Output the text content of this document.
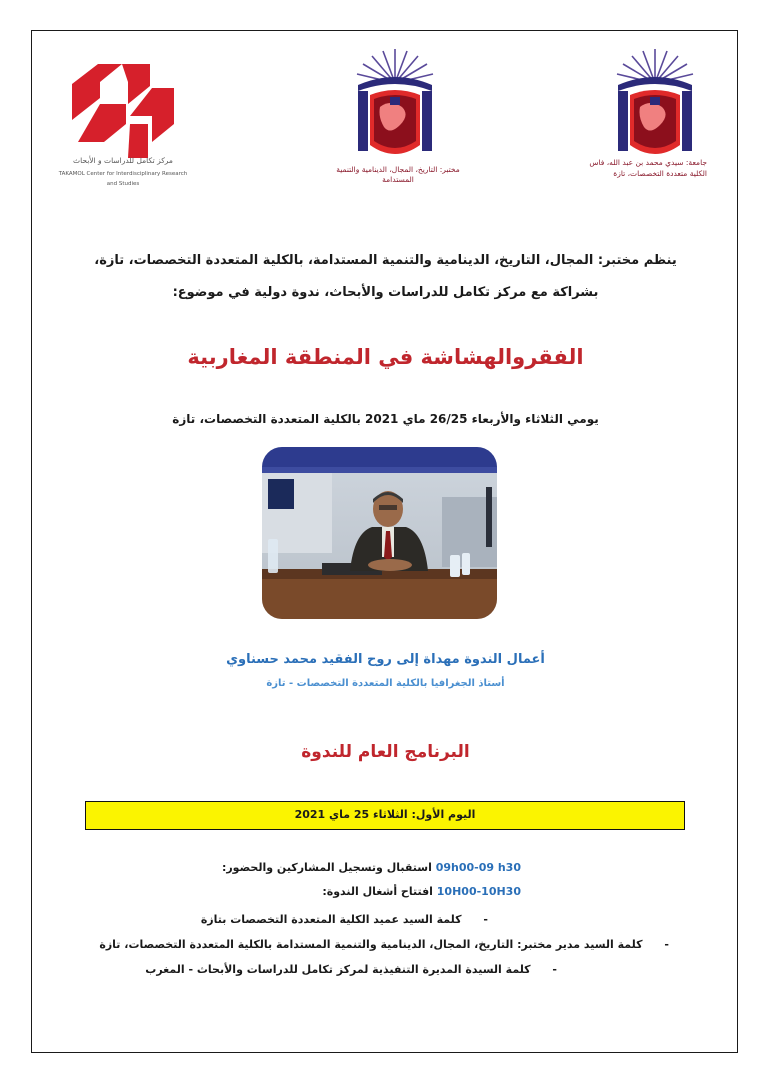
مركز تكامل للدراسات و الأبحاث
TAKAMOL Center for Interdisciplinary Research and Studies
مختبر: التاريخ، المجال، الدينامية والتنمية المستدامة
جامعة: سيدي محمد بن عبد الله، فاس
الكلية متعددة التخصصات، تازة
ينظم مختبر: المجال، التاريخ، الدينامية والتنمية المستدامة، بالكلية المتعددة التخصصات، تازة،
بشراكة مع مركز تكامل للدراسات والأبحاث، ندوة دولية في موضوع:
الفقروالهشاشة في المنطقة المغاربية
يومي الثلاثاء والأربعاء 26/25 ماي 2021 بالكلية المتعددة التخصصات، تازة
أعمال الندوة مهداة إلى روح الفقيد محمد حسناوي
أستاذ الجغرافيا بالكلية المتعددة التخصصات - تازة
البرنامج العام للندوة
اليوم الأول: الثلاثاء 25 ماي 2021
09h00-09 h30 استقبال وتسجيل المشاركين والحضور:
10H00-10H30 افتتاح أشغال الندوة:
- كلمة السيد عميد الكلية المتعددة التخصصات بتازة
- كلمة السيد مدير مختبر: التاريخ، المجال، الدينامية والتنمية المستدامة بالكلية المتعددة التخصصات، تازة
- كلمة السيدة المديرة التنفيذية لمركز تكامل للدراسات والأبحاث - المغرب
